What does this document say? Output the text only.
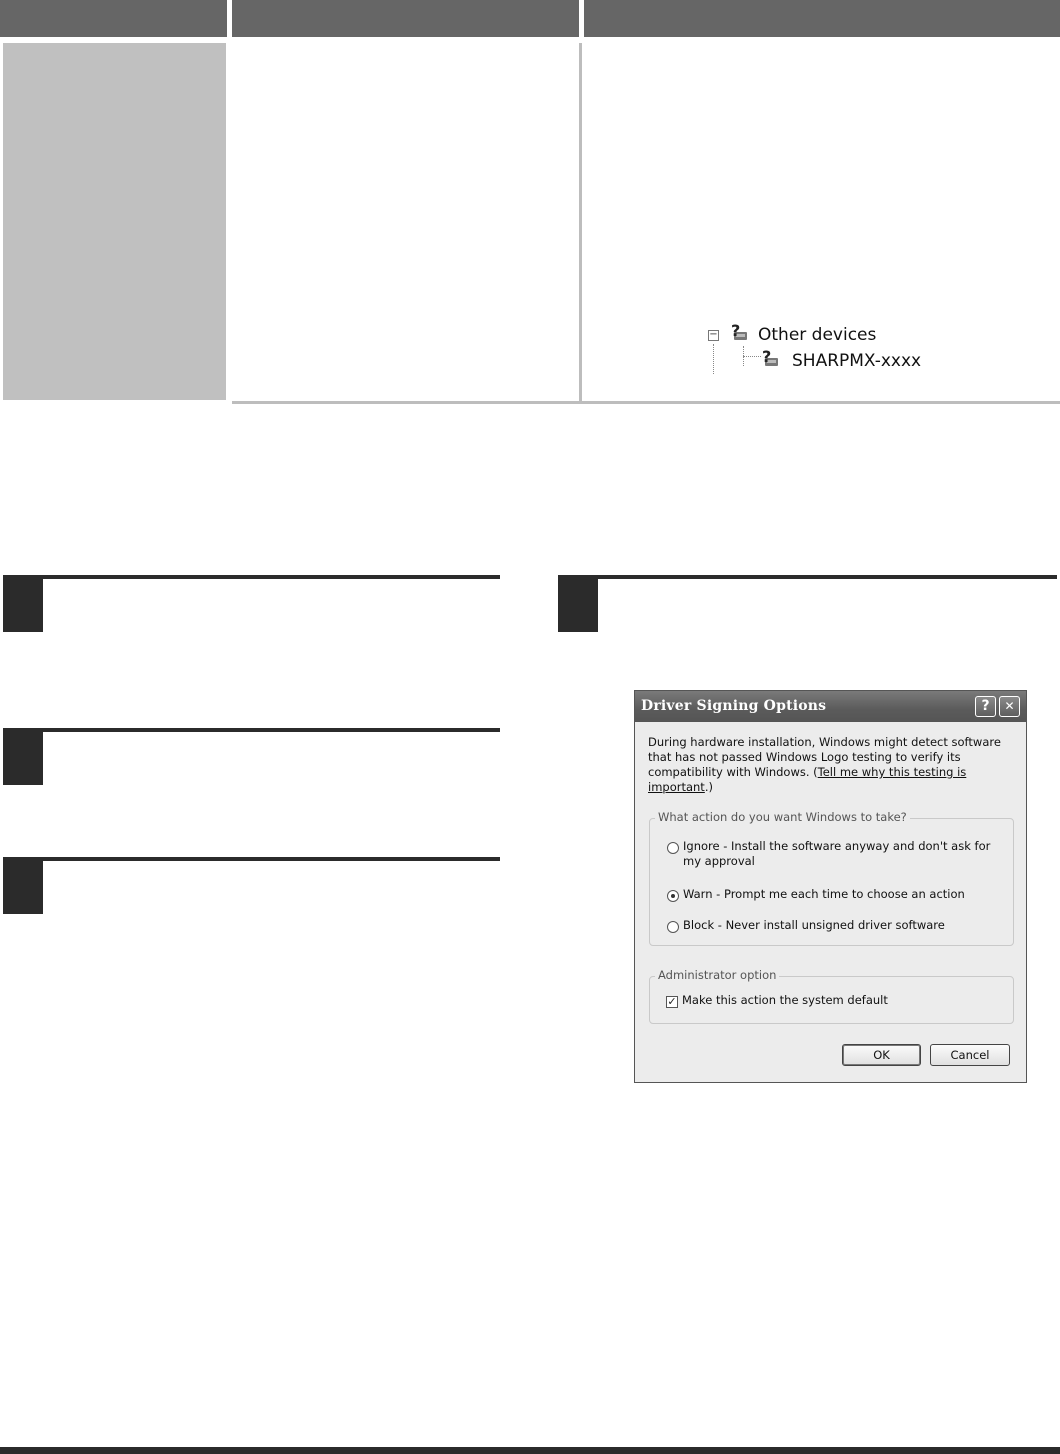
− ? Other devices
? SHARPMX-xxxx
Driver Signing Options	?	✕
During hardware installation, Windows might detect software that has not passed Windows Logo testing to verify its compatibility with Windows. (Tell me why this testing is important.)
What action do you want Windows to take?
Ignore - Install the software anyway and don't ask for my approval
Warn - Prompt me each time to choose an action
Block - Never install unsigned driver software
Administrator option
✓ Make this action the system default
OK	Cancel
